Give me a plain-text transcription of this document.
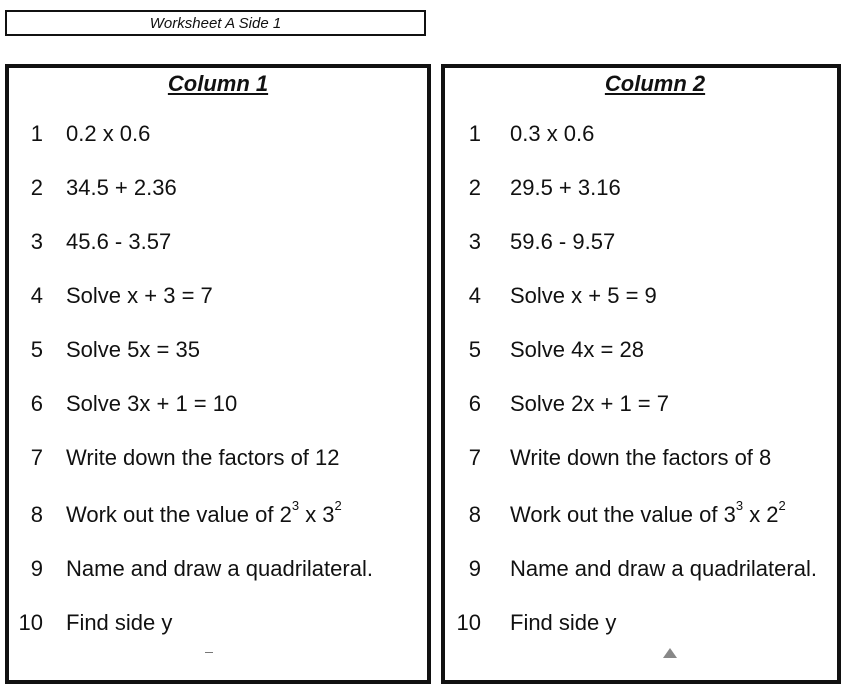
Worksheet A Side 1
Column 1
1 0.2 x 0.6
2 34.5 + 2.36
3 45.6 - 3.57
4 Solve x + 3 = 7
5 Solve 5x = 35
6 Solve 3x + 1 = 10
7 Write down the factors of 12
8 Work out the value of $2^3$ x $3^2$
9 Name and draw a quadrilateral.
10 Find side y
Column 2
1 0.3 x 0.6
2 29.5 + 3.16
3 59.6 - 9.57
4 Solve x + 5 = 9
5 Solve 4x = 28
6 Solve 2x + 1 = 7
7 Write down the factors of 8
8 Work out the value of $3^3$ x $2^2$
9 Name and draw a quadrilateral.
10 Find side y
